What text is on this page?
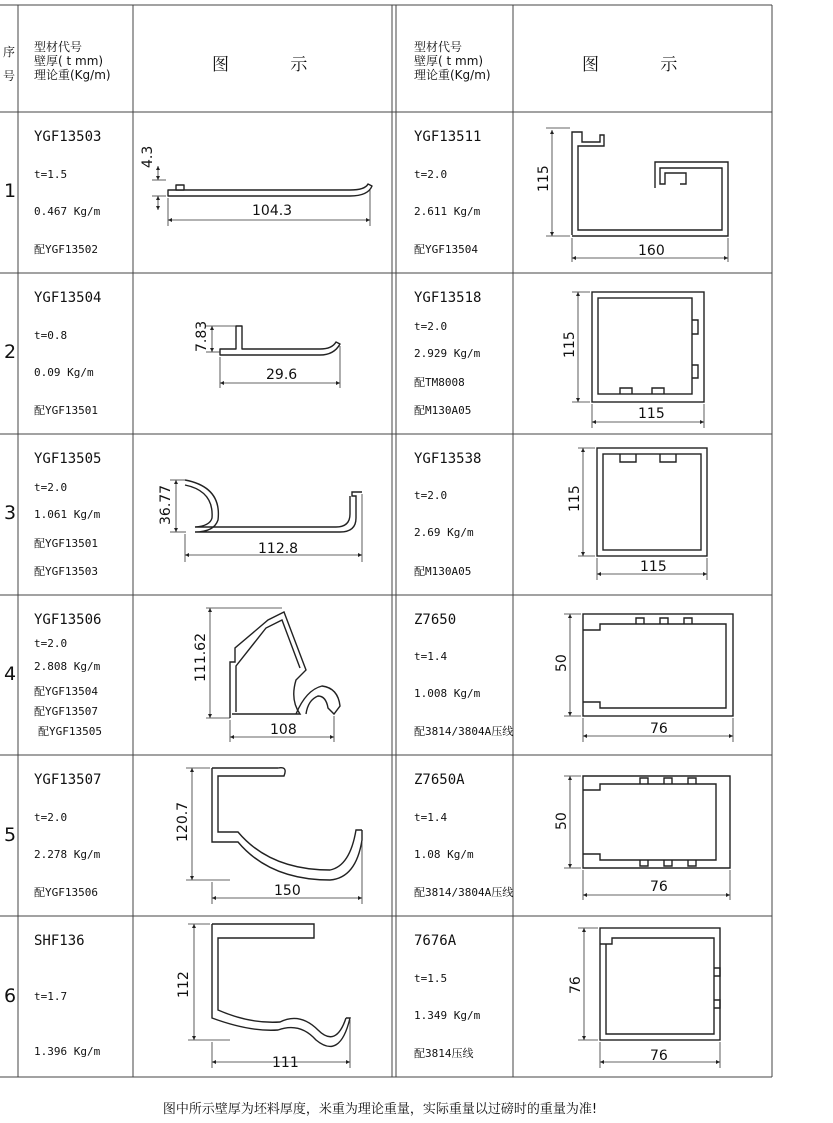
序号
型材代号
壁厚( t mm)
理论重(Kg/m)	图 示
型材代号
壁厚( t mm)
理论重(Kg/m)	图 示
1
2
3
4
5
6
YGF13503
t=1.5
0.467 Kg/m
配YGF13502
YGF13511
t=2.0
2.611 Kg/m
配YGF13504
YGF13504
t=0.8
0.09 Kg/m
配YGF13501
YGF13518
t=2.0
2.929 Kg/m
配TM8008
配M130A05
YGF13505
t=2.0
1.061 Kg/m
配YGF13501
配YGF13503
YGF13538
t=2.0
2.69 Kg/m
配M130A05
YGF13506
t=2.0
2.808 Kg/m
配YGF13504
配YGF13507
配YGF13505
Z7650
t=1.4
1.008 Kg/m
配3814/3804A压线
YGF13507
t=2.0
2.278 Kg/m
配YGF13506
Z7650A
t=1.4
1.08 Kg/m
配3814/3804A压线
SHF136
t=1.7
1.396 Kg/m
7676A
t=1.5
1.349 Kg/m
配3814压线
104.3
4.3
115
160
7.83
29.6
115
115
36.77
112.8
115
115
111.62
108
50
76
120.7
150
50
76
112
111
76
76
图中所示壁厚为坯料厚度，米重为理论重量，实际重量以过磅时的重量为准!
